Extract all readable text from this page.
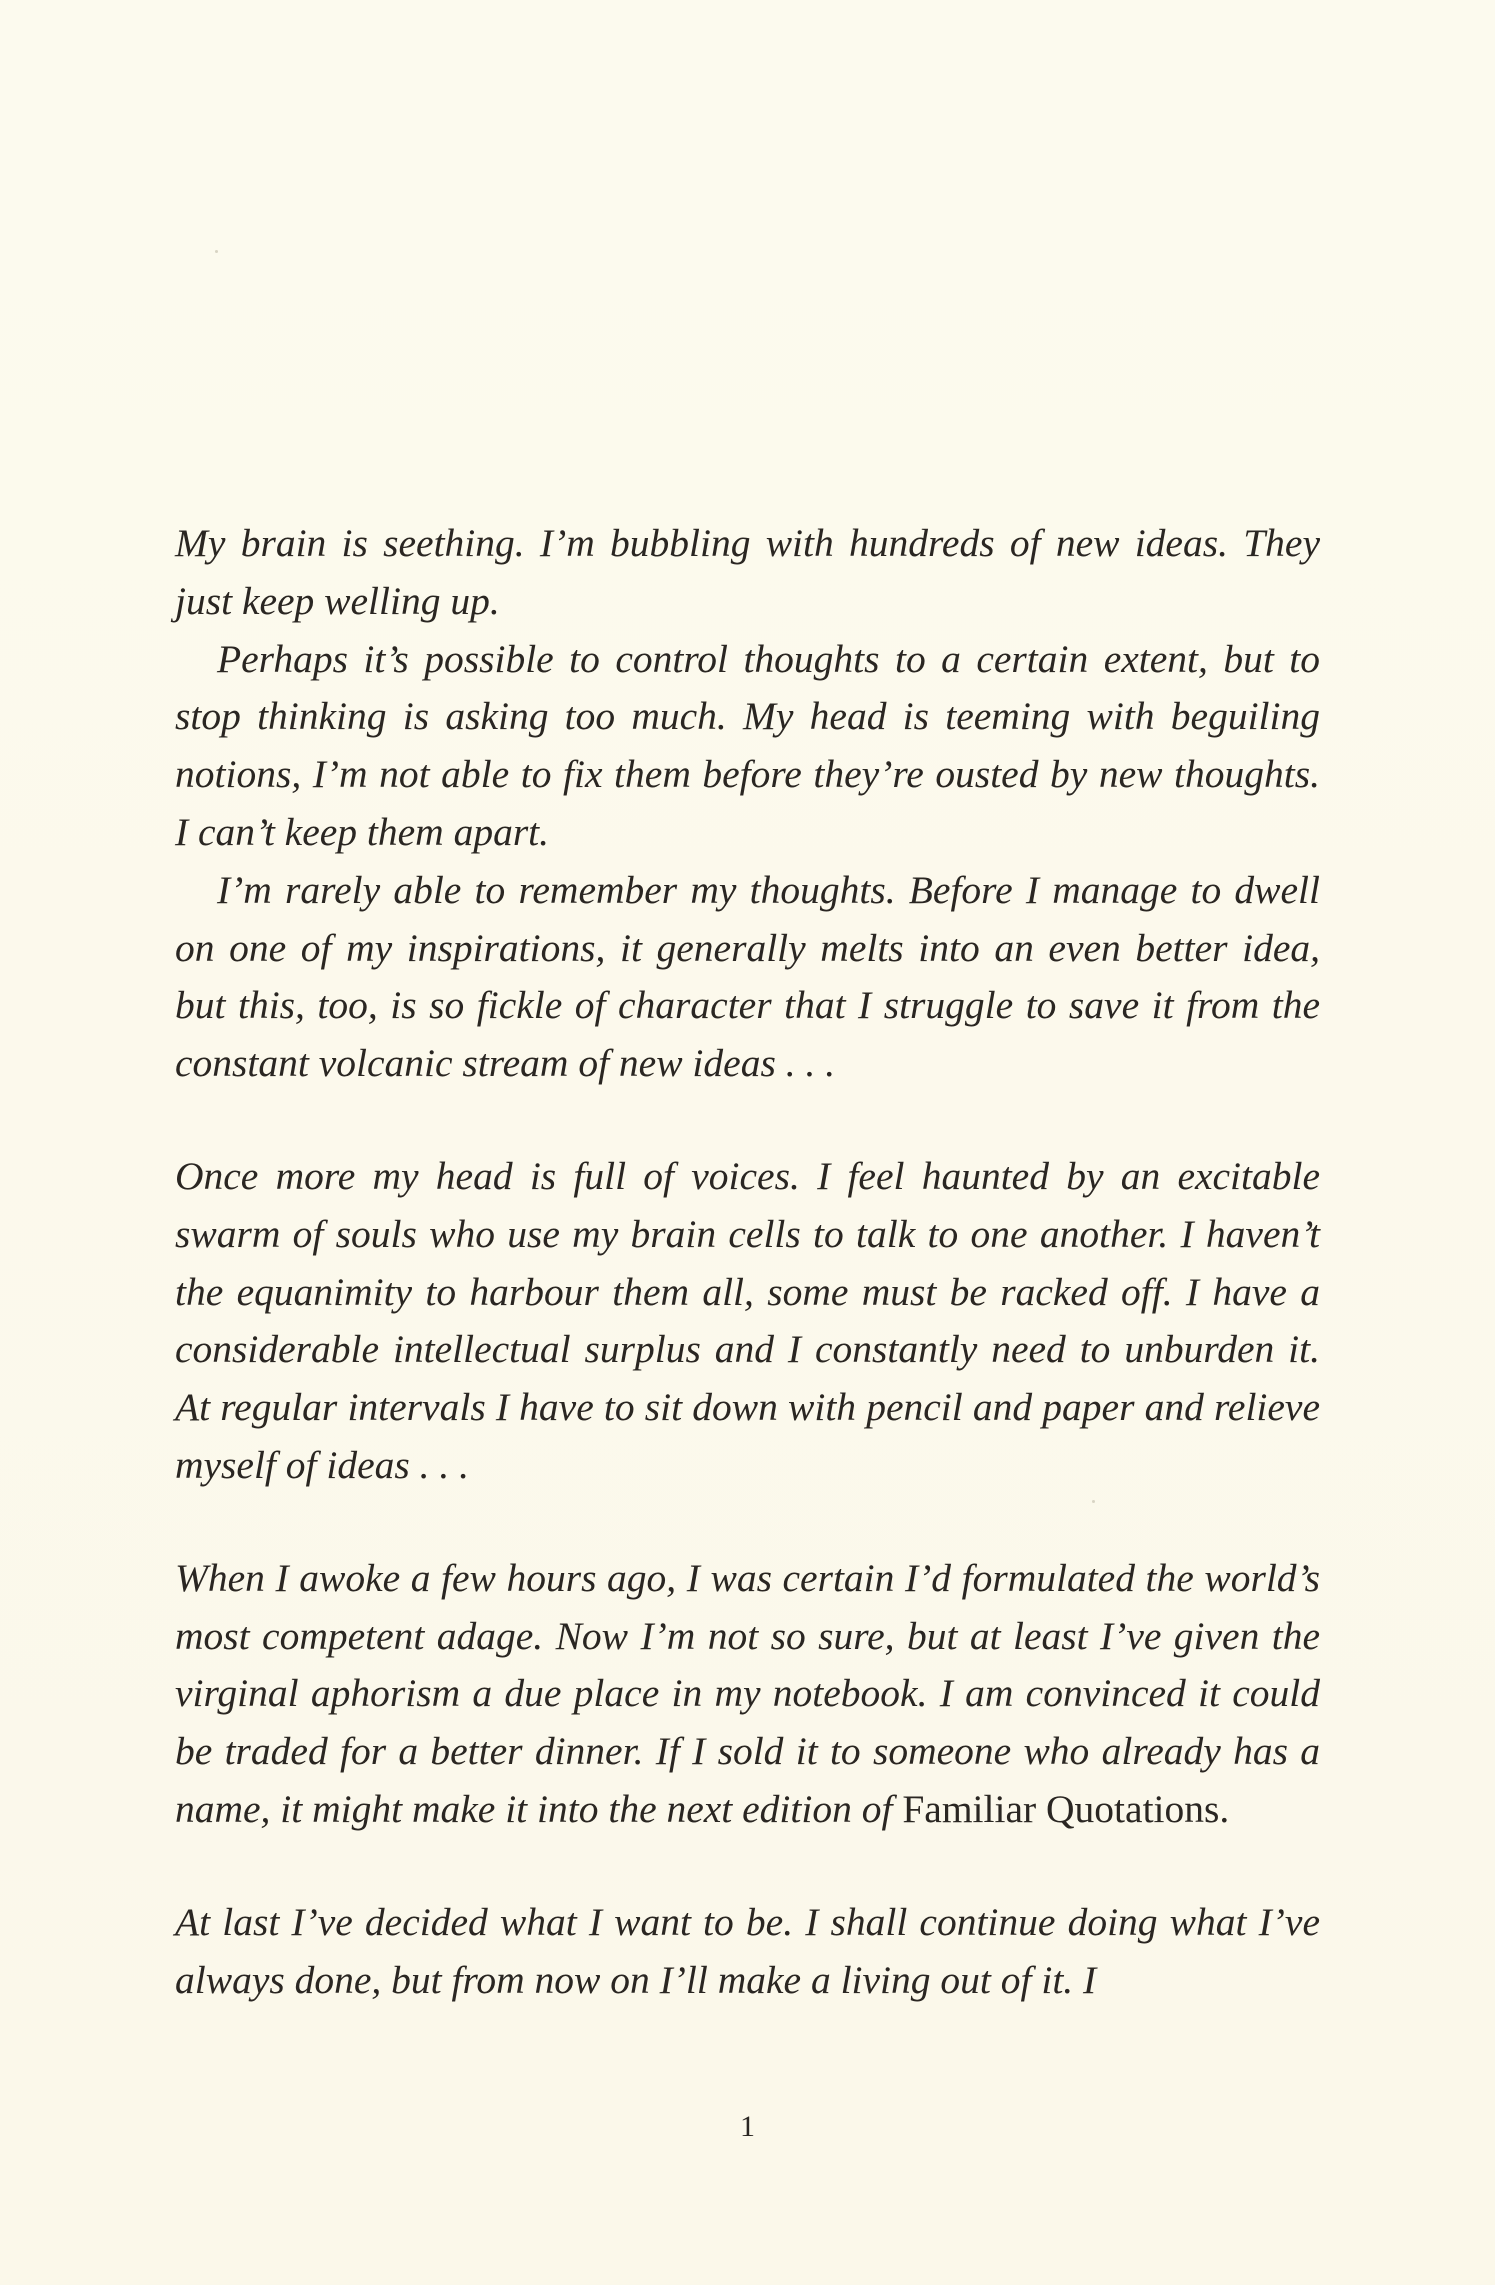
My brain is seething. I’m bubbling with hundreds of new ideas. They just keep welling up.

Perhaps it’s possible to control thoughts to a certain extent, but to stop thinking is asking too much. My head is teeming with beguiling notions, I’m not able to fix them before they’re ousted by new thoughts. I can’t keep them apart.

I’m rarely able to remember my thoughts. Before I manage to dwell on one of my inspirations, it generally melts into an even better idea, but this, too, is so fickle of character that I struggle to save it from the constant volcanic stream of new ideas . . .

Once more my head is full of voices. I feel haunted by an excitable swarm of souls who use my brain cells to talk to one another. I haven’t the equanimity to harbour them all, some must be racked off. I have a considerable intellectual surplus and I constantly need to unburden it. At regular intervals I have to sit down with pencil and paper and relieve myself of ideas . . .

When I awoke a few hours ago, I was certain I’d formulated the world’s most competent adage. Now I’m not so sure, but at least I’ve given the virginal aphorism a due place in my notebook. I am convinced it could be traded for a better dinner. If I sold it to someone who already has a name, it might make it into the next edition of Familiar Quotations.

At last I’ve decided what I want to be. I shall continue doing what I’ve always done, but from now on I’ll make a living out of it. I

1
